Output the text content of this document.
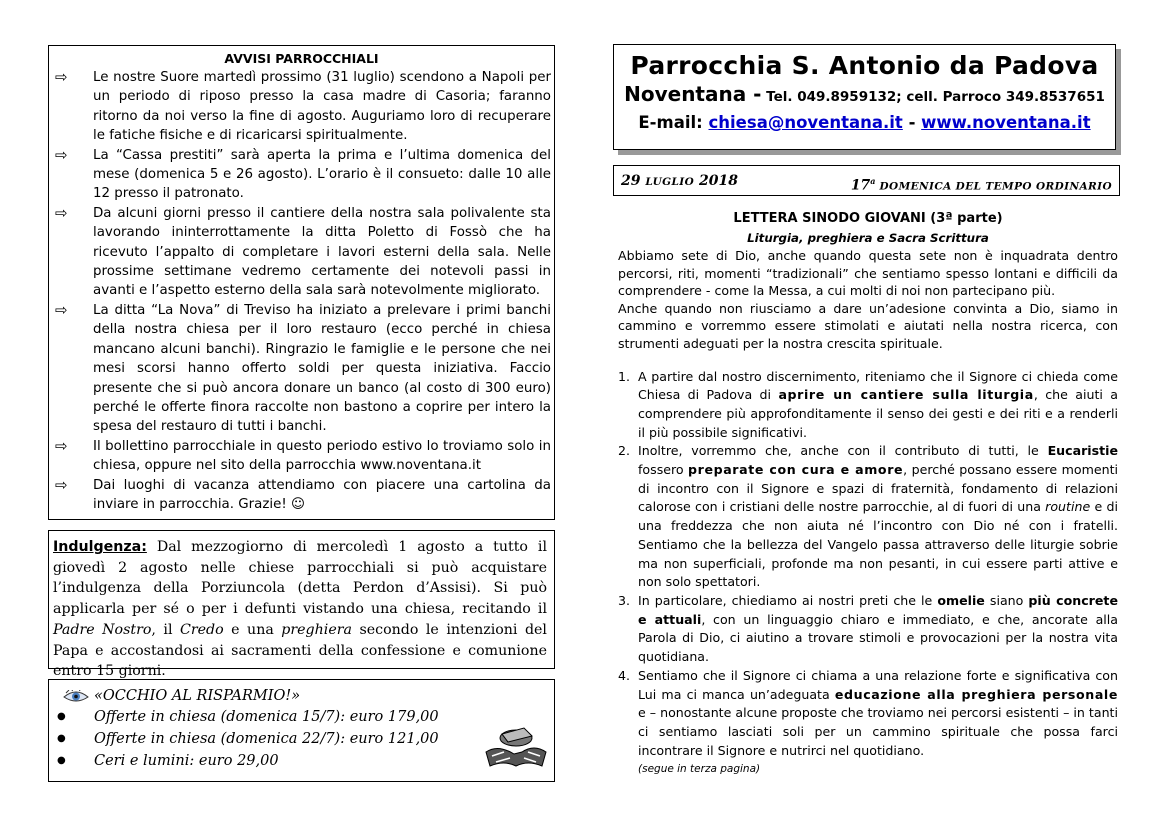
AVVISI PARROCCHIALI

⇨ Le nostre Suore martedì prossimo (31 luglio) scendono a Napoli per un periodo di riposo presso la casa madre di Casoria; faranno ritorno da noi verso la fine di agosto. Auguriamo loro di recuperare le fatiche fisiche e di ricaricarsi spiritualmente.

⇨ La “Cassa prestiti” sarà aperta la prima e l’ultima domenica del mese (domenica 5 e 26 agosto). L’orario è il consueto: dalle 10 alle 12 presso il patronato.

⇨ Da alcuni giorni presso il cantiere della nostra sala polivalente sta lavorando ininterrottamente la ditta Poletto di Fossò che ha ricevuto l’appalto di completare i lavori esterni della sala. Nelle prossime settimane vedremo certamente dei notevoli passi in avanti e l’aspetto esterno della sala sarà notevolmente migliorato.

⇨ La ditta “La Nova” di Treviso ha iniziato a prelevare i primi banchi della nostra chiesa per il loro restauro (ecco perché in chiesa mancano alcuni banchi). Ringrazio le famiglie e le persone che nei mesi scorsi hanno offerto soldi per questa iniziativa. Faccio presente che si può ancora donare un banco (al costo di 300 euro) perché le offerte finora raccolte non bastono a coprire per intero la spesa del restauro di tutti i banchi.

⇨ Il bollettino parrocchiale in questo periodo estivo lo troviamo solo in chiesa, oppure nel sito della parrocchia www.noventana.it

⇨ Dai luoghi di vacanza attendiamo con piacere una cartolina da inviare in parrocchia. Grazie! ☺

Indulgenza: Dal mezzogiorno di mercoledì 1 agosto a tutto il giovedì 2 agosto nelle chiese parrocchiali si può acquistare l’indulgenza della Porziuncola (detta Perdon d’Assisi). Si può applicarla per sé o per i defunti vistando una chiesa, recitando il Padre Nostro, il Credo e una preghiera secondo le intenzioni del Papa e accostandosi ai sacramenti della confessione e comunione entro 15 giorni.
«OCCHIO AL RISPARMIO!»
● Offerte in chiesa (domenica 15/7): euro 179,00
● Offerte in chiesa (domenica 22/7): euro 121,00
● Ceri e lumini: euro 29,00
Parrocchia S. Antonio da Padova
Noventana - Tel. 049.8959132; cell. Parroco 349.8537651
E-mail: chiesa@noventana.it - www.noventana.it
29 LUGLIO 2018	17$^a$ DOMENICA DEL TEMPO ORDINARIO
LETTERA SINODO GIOVANI (3ª parte)
Liturgia, preghiera e Sacra Scrittura

Abbiamo sete di Dio, anche quando questa sete non è inquadrata dentro percorsi, riti, momenti “tradizionali” che sentiamo spesso lontani e difficili da comprendere - come la Messa, a cui molti di noi non partecipano più.

Anche quando non riusciamo a dare un’adesione convinta a Dio, siamo in cammino e vorremmo essere stimolati e aiutati nella nostra ricerca, con strumenti adeguati per la nostra crescita spirituale.

1. A partire dal nostro discernimento, riteniamo che il Signore ci chieda come Chiesa di Padova di aprire un cantiere sulla liturgia, che aiuti a comprendere più approfonditamente il senso dei gesti e dei riti e a renderli il più possibile significativi.

2. Inoltre, vorremmo che, anche con il contributo di tutti, le Eucaristie fossero preparate con cura e amore, perché possano essere momenti di incontro con il Signore e spazi di fraternità, fondamento di relazioni calorose con i cristiani delle nostre parrocchie, al di fuori di una routine e di una freddezza che non aiuta né l’incontro con Dio né con i fratelli. Sentiamo che la bellezza del Vangelo passa attraverso delle liturgie sobrie ma non superficiali, profonde ma non pesanti, in cui essere parti attive e non solo spettatori.

3. In particolare, chiediamo ai nostri preti che le omelie siano più concrete e attuali, con un linguaggio chiaro e immediato, e che, ancorate alla Parola di Dio, ci aiutino a trovare stimoli e provocazioni per la nostra vita quotidiana.

4. Sentiamo che il Signore ci chiama a una relazione forte e significativa con Lui ma ci manca un’adeguata educazione alla preghiera personale e – nonostante alcune proposte che troviamo nei percorsi esistenti – in tanti ci sentiamo lasciati soli per un cammino spirituale che possa farci incontrare il Signore e nutrirci nel quotidiano.

(segue in terza pagina)
